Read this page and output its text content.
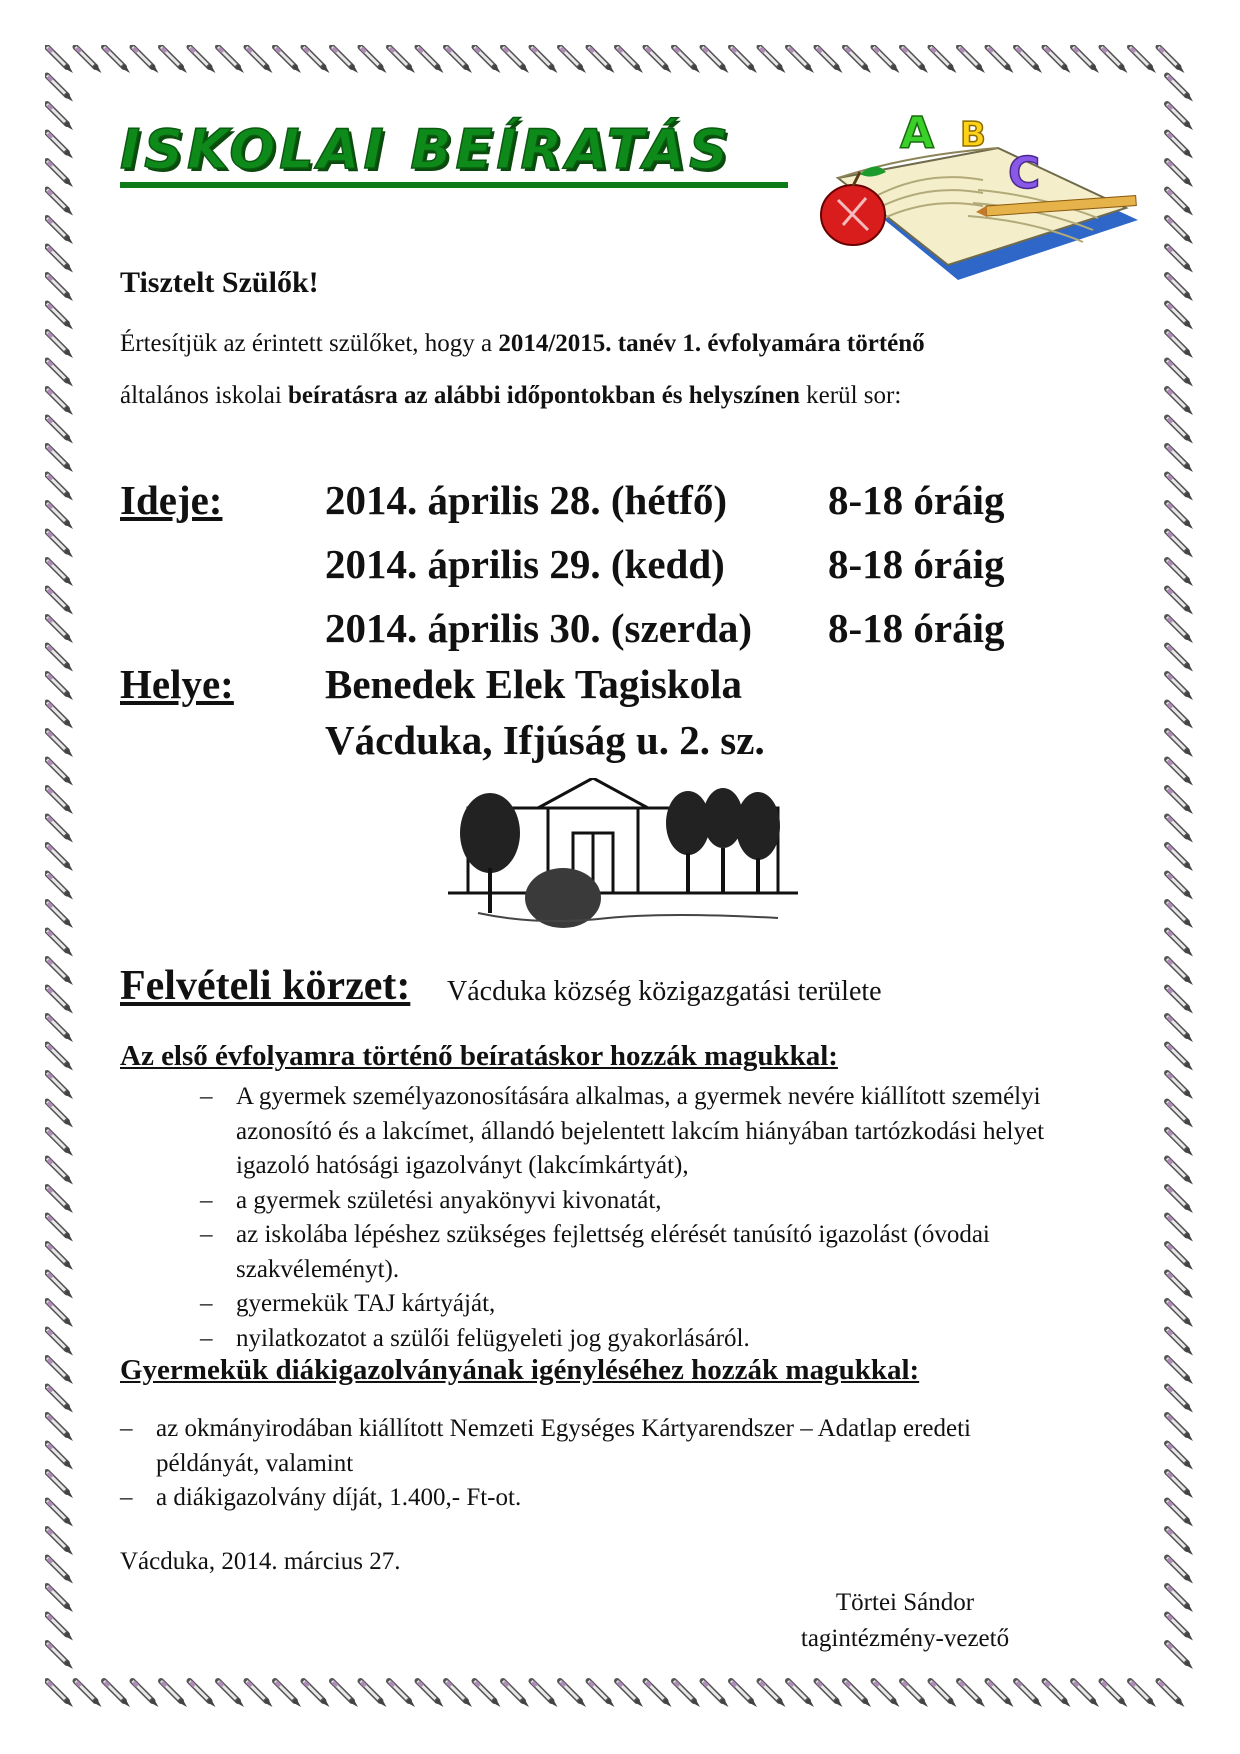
ISKOLAI BEÍRATÁS	A B
C
Tisztelt Szülők!
Értesítjük az érintett szülőket, hogy a 2014/2015. tanév 1. évfolyamára történő
általános iskolai beíratásra az alábbi időpontokban és helyszínen kerül sor:
Ideje:	2014. április 28. (hétfő) 8-18 óráig
2014. április 29. (kedd)	8-18 óráig
2014. április 30. (szerda) 8-18 óráig
Helye: Benedek Elek Tagiskola
Vácduka, Ifjúság u. 2. sz.
Felvételi körzet: Vácduka község közigazgatási területe
Az első évfolyamra történő beíratáskor hozzák magukkal:
– A gyermek személyazonosítására alkalmas, a gyermek nevére kiállított személyi azonosító és a lakcímet, állandó bejelentett lakcím hiányában tartózkodási helyet igazoló hatósági igazolványt (lakcímkártyát),
– a gyermek születési anyakönyvi kivonatát,
– az iskolába lépéshez szükséges fejlettség elérését tanúsító igazolást (óvodai szakvéleményt).
– gyermekük TAJ kártyáját,
– nyilatkozatot a szülői felügyeleti jog gyakorlásáról.
Gyermekük diákigazolványának igényléséhez hozzák magukkal:
– az okmányirodában kiállított Nemzeti Egységes Kártyarendszer – Adatlap eredeti példányát, valamint
– a diákigazolvány díját, 1.400,- Ft-ot.
Vácduka, 2014. március 27.
Törtei Sándor
tagintézmény-vezető
